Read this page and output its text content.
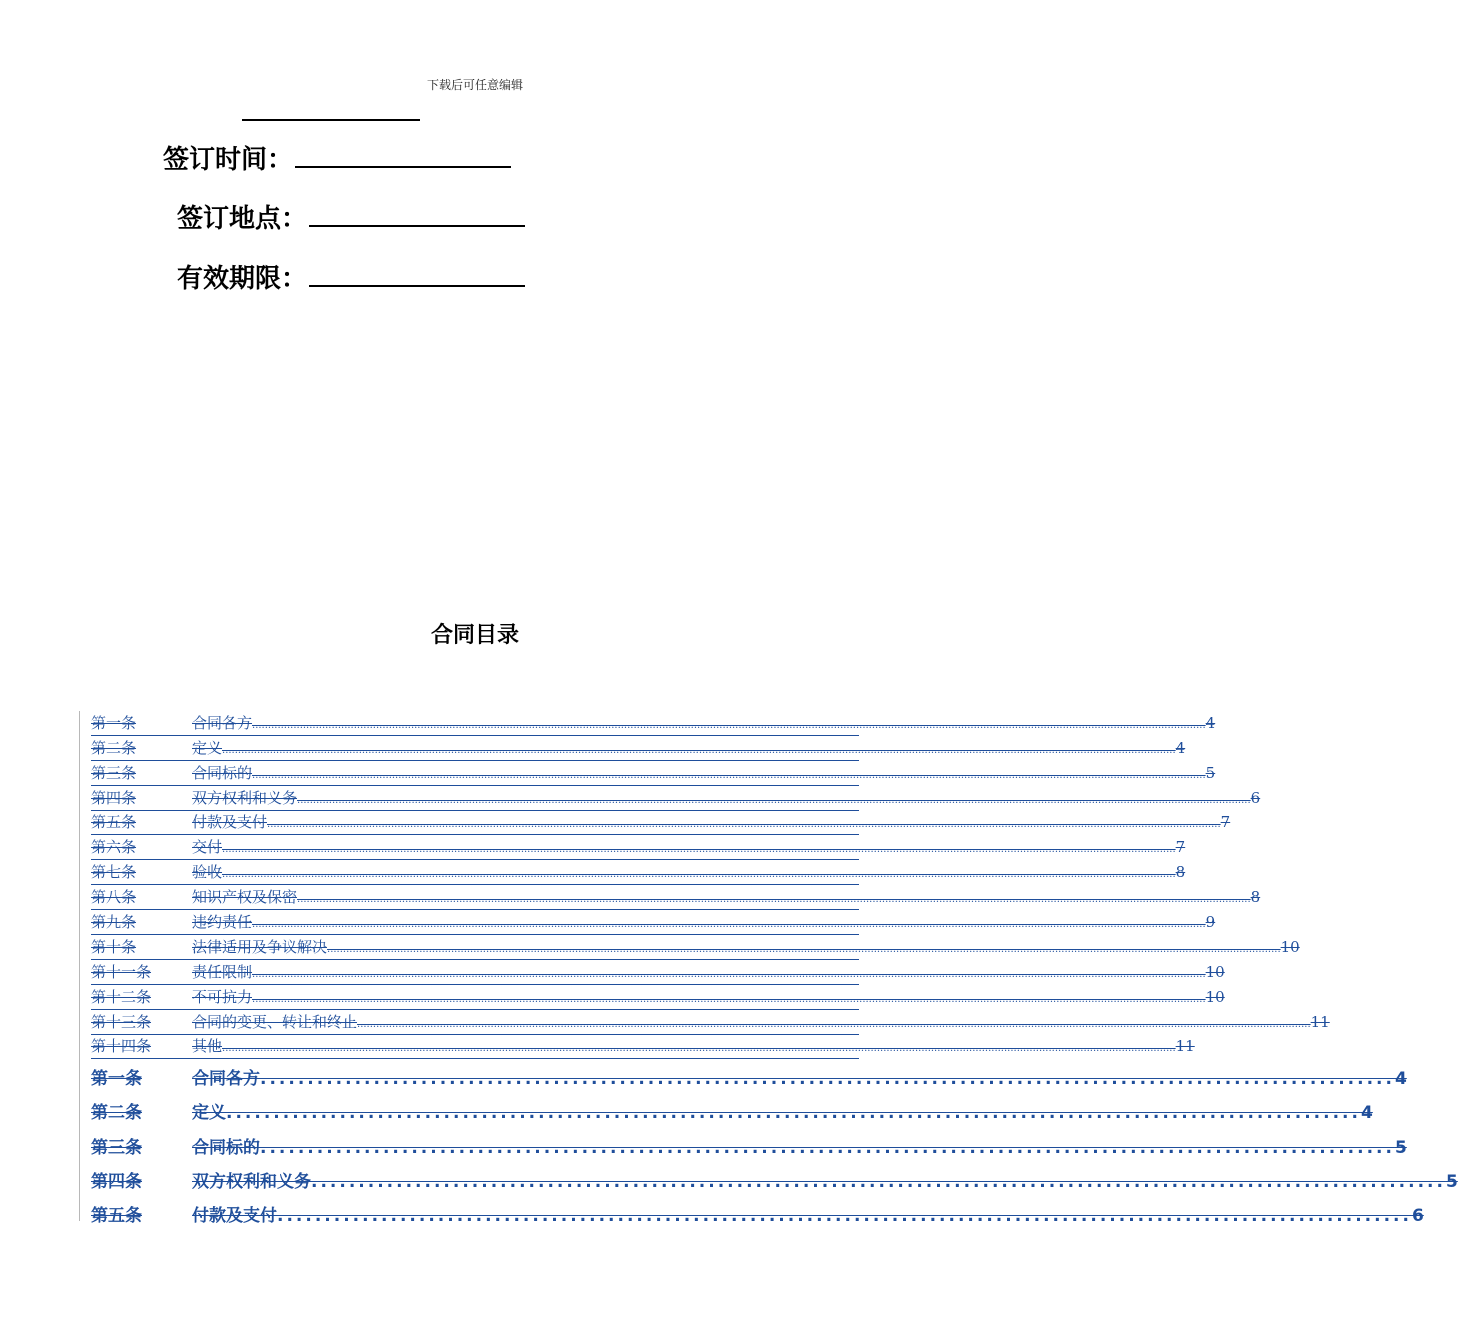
下载后可任意编辑
签订时间：
签订地点：
有效期限：
合同目录
第一条	合同各方 ............................................................................................................................................................................................................................................................................................................ 4
第二条	定义 ............................................................................................................................................................................................................................................................................................................ 4
第三条	合同标的 ............................................................................................................................................................................................................................................................................................................ 5
第四条	双方权利和义务 ............................................................................................................................................................................................................................................................................................................ 6
第五条	付款及支付 ............................................................................................................................................................................................................................................................................................................ 7
第六条	交付 ............................................................................................................................................................................................................................................................................................................ 7
第七条	验收 ............................................................................................................................................................................................................................................................................................................ 8
第八条	知识产权及保密 ............................................................................................................................................................................................................................................................................................................ 8
第九条	违约责任 ............................................................................................................................................................................................................................................................................................................ 9
第十条	法律适用及争议解决 ............................................................................................................................................................................................................................................................................................................ 10
第十一条	责任限制 ............................................................................................................................................................................................................................................................................................................ 10
第十二条	不可抗力 ............................................................................................................................................................................................................................................................................................................ 10
第十三条	合同的变更、转让和终止 ............................................................................................................................................................................................................................................................................................................ 11
第十四条	其他 ............................................................................................................................................................................................................................................................................................................ 11
第一条	合同各方 ........................................................................................................................ 4
第二条	定义 ........................................................................................................................ 4
第三条	合同标的 ........................................................................................................................ 5
第四条	双方权利和义务 ........................................................................................................................ 5
第五条	付款及支付 ........................................................................................................................ 6
